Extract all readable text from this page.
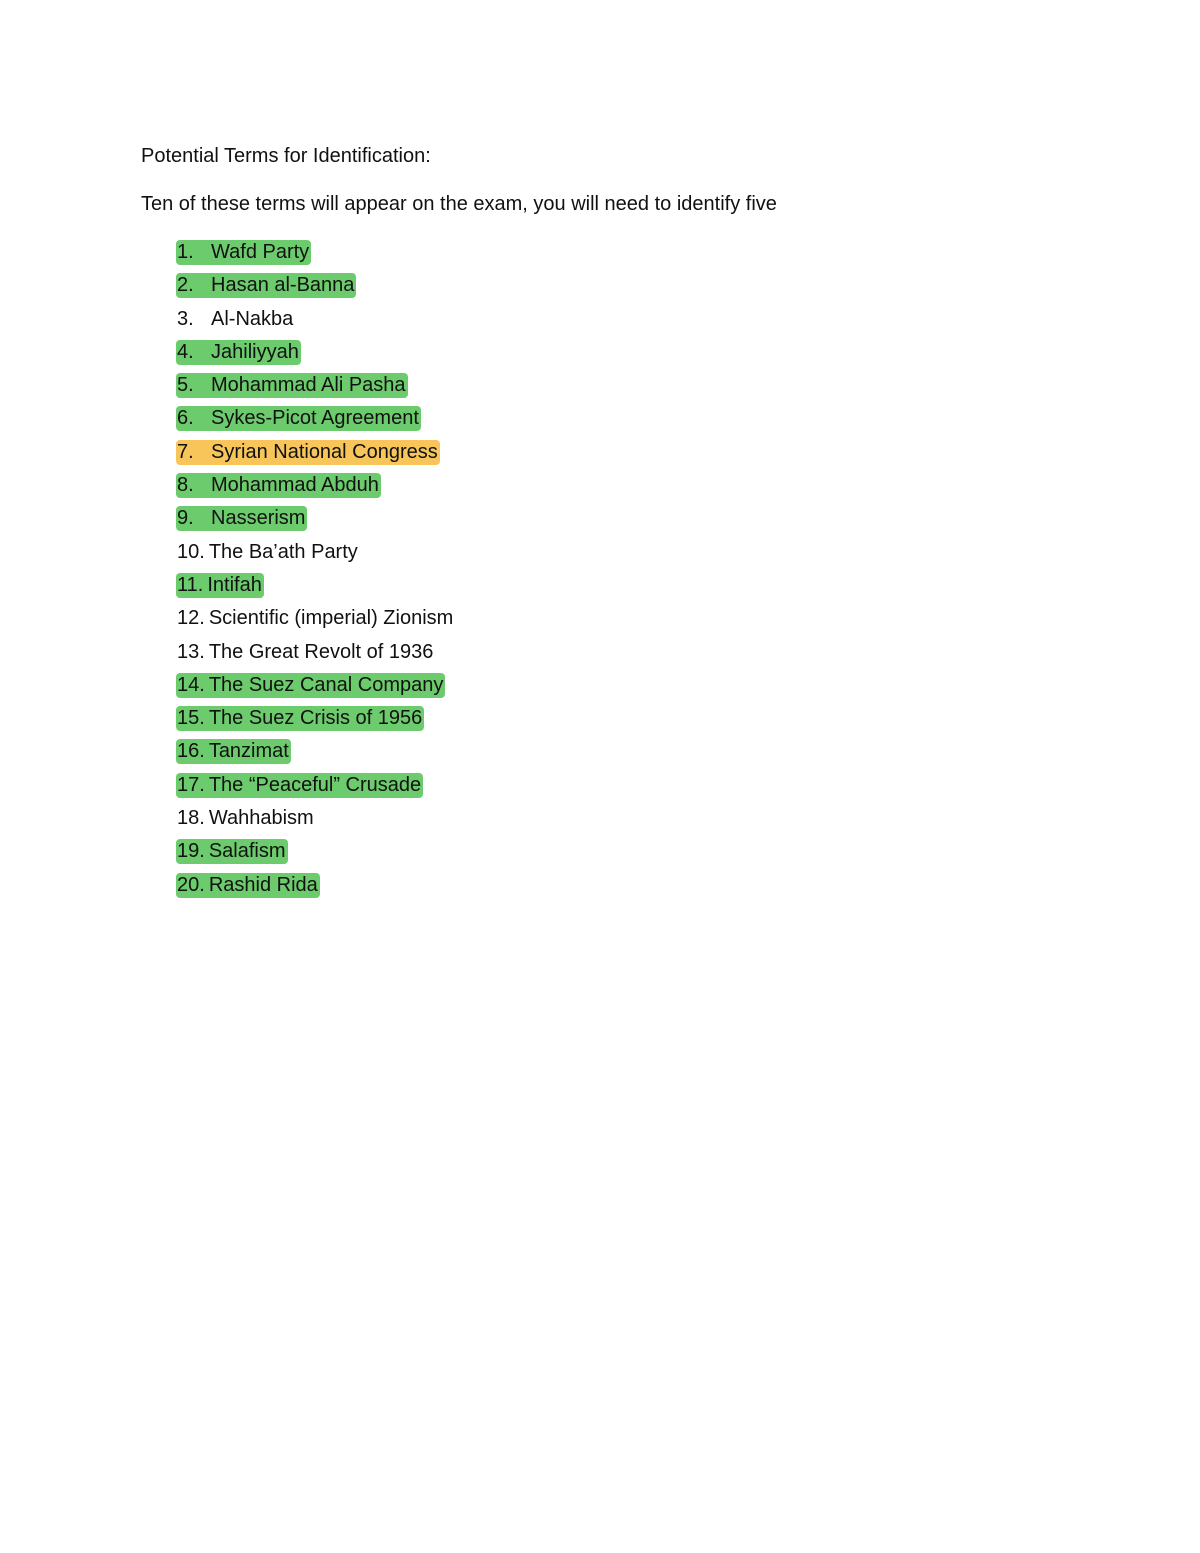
Potential Terms for Identification:
Ten of these terms will appear on the exam, you will need to identify five
1. Wafd Party
2. Hasan al-Banna
3. Al-Nakba
4. Jahiliyyah
5. Mohammad Ali Pasha
6. Sykes-Picot Agreement
7. Syrian National Congress
8. Mohammad Abduh
9. Nasserism
10. The Ba’ath Party
11. Intifah
12. Scientific (imperial) Zionism
13. The Great Revolt of 1936
14. The Suez Canal Company
15. The Suez Crisis of 1956
16. Tanzimat
17. The “Peaceful” Crusade
18. Wahhabism
19. Salafism
20. Rashid Rida
